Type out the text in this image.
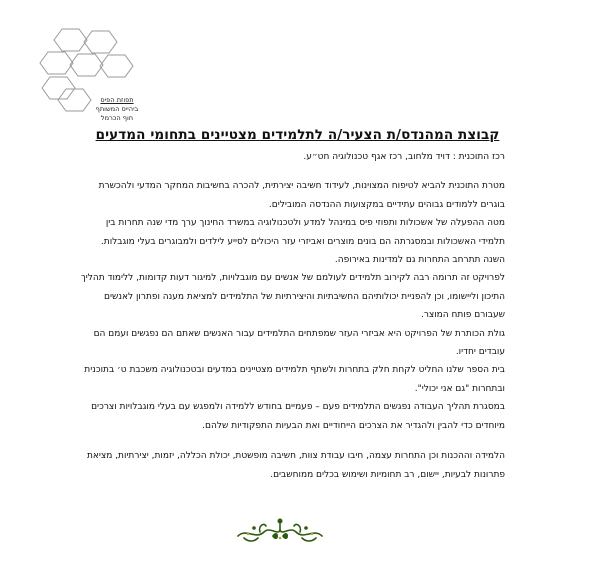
תפוזת הפיס
ביהייס המשותף
חוף הכרמל
קבוצת המהנדס/ת הצעיר/ה לתלמידים מצטיינים בתחומי המדעים

רכז התוכנית : דויד מלחוב, רכז אגף טכנולוגיה חט״ע.

מטרת התוכנית להביא לטיפוח המצוינות, לעידוד חשיבה יצירתית, להכרה בחשיבות המחקר המדעי ולהכשרת בוגרים ללמודים גבוהים עתידיים במקצועות ההנדסה המובילים.

מטה ההפעלה של אשכולות ותפוזי פיס במינהל למדע ולטכנולוגיה במשרד החינוך ערך מדי שנה תחרות בין תלמידי האשכולות ובמסגרתה הם בונים מוצרים ואביזרי עזר היכולים לסייע לילדים ולמבוגרים בעלי מוגבלות. השנה תתרחב התחרות גם למדינות באירופה.

לפרויקט זה תרומה רבה לקירוב תלמידים לעולמם של אנשים עם מוגבלויות, למיגור דעות קדומות, ללימוד תהליך התיכון וליישומו, וכן להפניית יכולותיהם החשיבתיות והיצירתיות של התלמידים למציאת מענה ופתרון לאנשים שעבורם פותח המוצר.

גולת הכותרת של הפרויקט היא אביזרי העזר שמפתחים התלמידים עבור האנשים שאתם הם נפגשים ועמם הם עובדים יחדיו.

בית הספר שלנו החליט לקחת חלק בתחרות ולשתף תלמידים מצטיינים במדעים ובטכנולוגיה משכבת ט׳ בתוכנית ובתחרות "גם אני יכולי".

במסגרת תהליך העבודה נפגשים התלמידים פעם – פעמיים בחודש ללמידה ולמפגש עם בעלי מוגבלויות וצרכים מיוחדים כדי להבין ולהגדיר את הצרכים הייחודיים ואת הבעיות התפקודיות שלהם.

הלמידה וההכנות וכן התחרות עצמה, חיבו עבודת צוות, חשיבה מופשטת, יכולת הכללה, יזמות, יצירתיות, מציאת פתרונות לבעיות, יישום, רב תחומיות ושימוש בכלים ממוחשבים.
